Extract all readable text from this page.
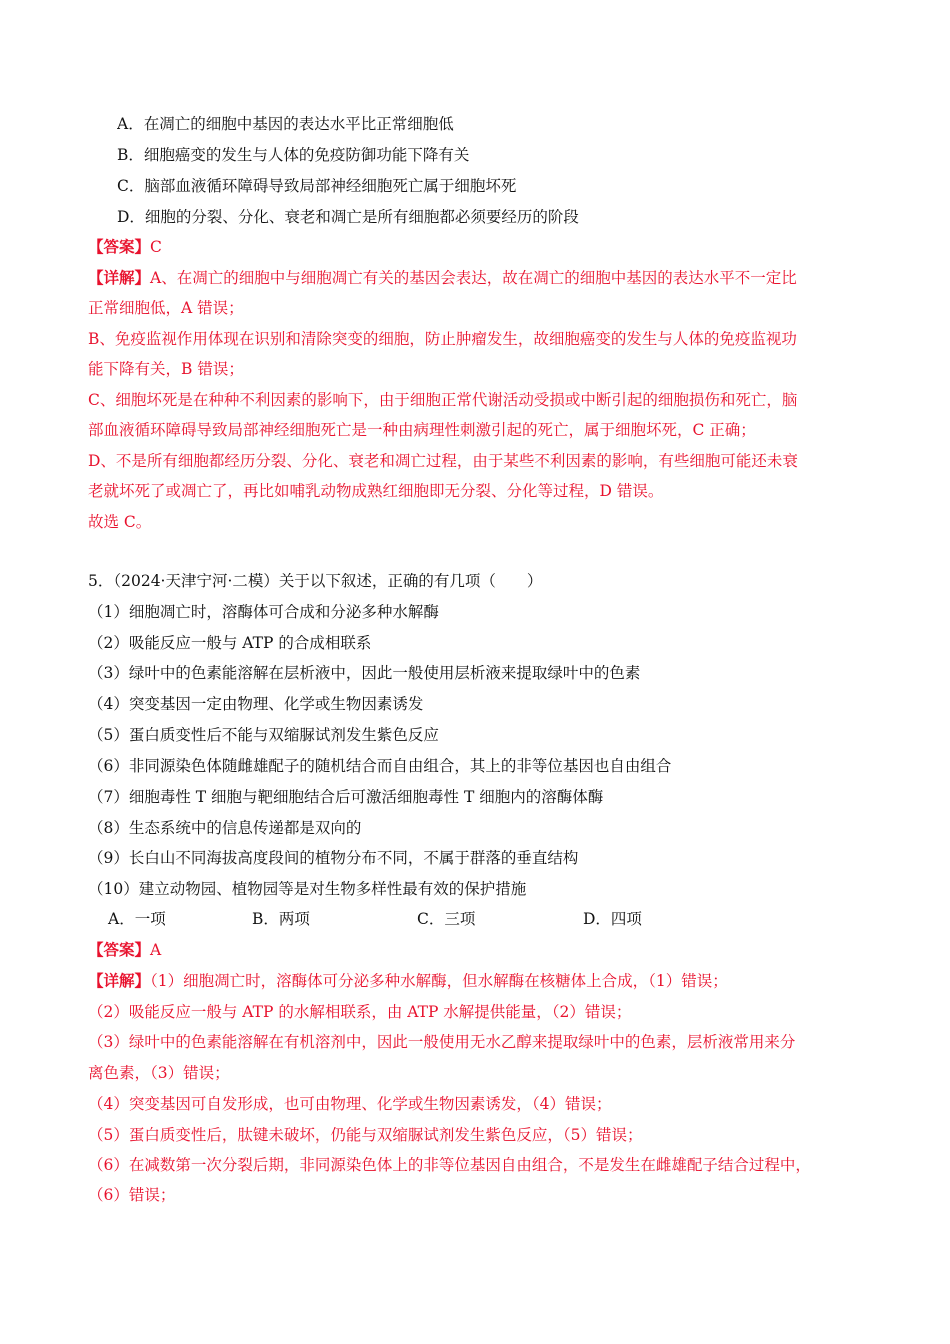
A．在凋亡的细胞中基因的表达水平比正常细胞低
B．细胞癌变的发生与人体的免疫防御功能下降有关
C．脑部血液循环障碍导致局部神经细胞死亡属于细胞坏死
D．细胞的分裂、分化、衰老和凋亡是所有细胞都必须要经历的阶段
【答案】C
【详解】A、在凋亡的细胞中与细胞凋亡有关的基因会表达，故在凋亡的细胞中基因的表达水平不一定比
正常细胞低，A 错误；
B、免疫监视作用体现在识别和清除突变的细胞，防止肿瘤发生，故细胞癌变的发生与人体的免疫监视功
能下降有关，B 错误；
C、细胞坏死是在种种不利因素的影响下，由于细胞正常代谢活动受损或中断引起的细胞损伤和死亡，脑
部血液循环障碍导致局部神经细胞死亡是一种由病理性刺激引起的死亡，属于细胞坏死，C 正确；
D、不是所有细胞都经历分裂、分化、衰老和凋亡过程，由于某些不利因素的影响，有些细胞可能还未衰
老就坏死了或凋亡了，再比如哺乳动物成熟红细胞即无分裂、分化等过程，D 错误。
故选 C。
5．（2024·天津宁河·二模）关于以下叙述，正确的有几项（　　）
（1）细胞凋亡时，溶酶体可合成和分泌多种水解酶
（2）吸能反应一般与 ATP 的合成相联系
（3）绿叶中的色素能溶解在层析液中，因此一般使用层析液来提取绿叶中的色素
（4）突变基因一定由物理、化学或生物因素诱发
（5）蛋白质变性后不能与双缩脲试剂发生紫色反应
（6）非同源染色体随雌雄配子的随机结合而自由组合，其上的非等位基因也自由组合
（7）细胞毒性 T 细胞与靶细胞结合后可激活细胞毒性 T 细胞内的溶酶体酶
（8）生态系统中的信息传递都是双向的
（9）长白山不同海拔高度段间的植物分布不同，不属于群落的垂直结构
（10）建立动物园、植物园等是对生物多样性最有效的保护措施
A．一项	B．两项	C．三项	D．四项
【答案】A
【详解】（1）细胞凋亡时，溶酶体可分泌多种水解酶，但水解酶在核糖体上合成，（1）错误；
（2）吸能反应一般与 ATP 的水解相联系，由 ATP 水解提供能量，（2）错误；
（3）绿叶中的色素能溶解在有机溶剂中，因此一般使用无水乙醇来提取绿叶中的色素，层析液常用来分
离色素，（3）错误；
（4）突变基因可自发形成，也可由物理、化学或生物因素诱发，（4）错误；
（5）蛋白质变性后，肽键未破坏，仍能与双缩脲试剂发生紫色反应，（5）错误；
（6）在减数第一次分裂后期，非同源染色体上的非等位基因自由组合，不是发生在雌雄配子结合过程中，
（6）错误；
